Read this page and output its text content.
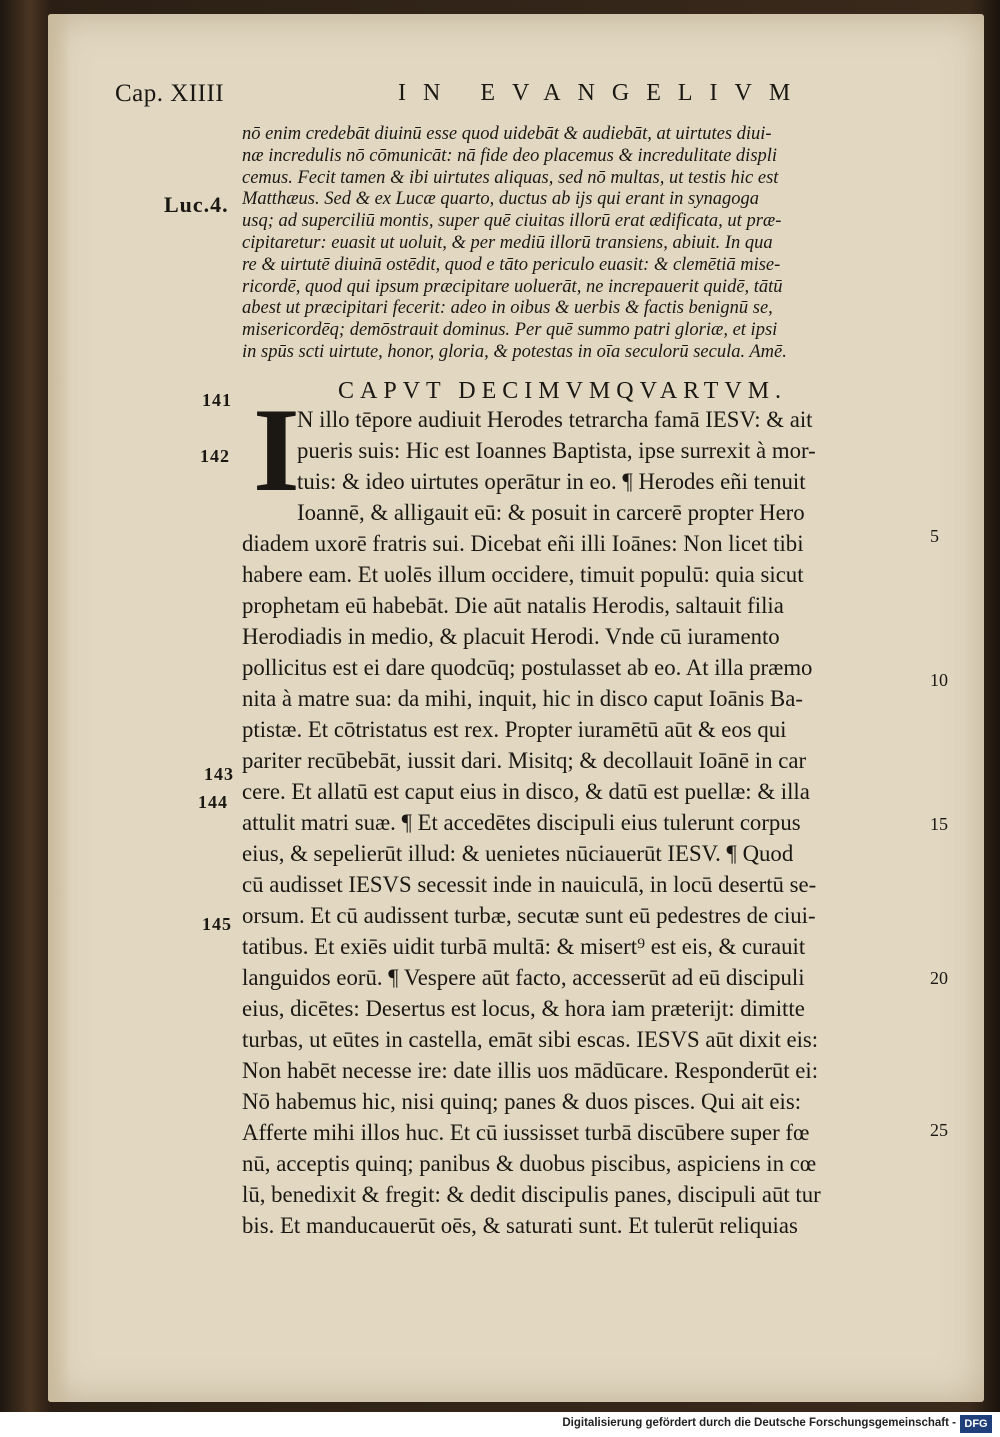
Cap. XIIII	IN EVANGELIVM
Luc.4.
nō enim credebāt diuinū esse quod uidebāt & audiebāt, at uirtutes diui-
næ incredulis nō cōmunicāt: nā fide deo placemus & incredulitate displi
cemus. Fecit tamen & ibi uirtutes aliquas, sed nō multas, ut testis hic est
Matthæus. Sed & ex Lucæ quarto, ductus ab ijs qui erant in synagoga
usq; ad superciliū montis, super quē ciuitas illorū erat ædificata, ut præ-
cipitaretur: euasit ut uoluit, & per mediū illorū transiens, abiuit. In qua
re & uirtutē diuinā ostēdit, quod e tāto periculo euasit: & clemētiā mise-
ricordē, quod qui ipsum præcipitare uoluerāt, ne increpauerit quidē, tātū
abest ut præcipitari fecerit: adeo in oibus & uerbis & factis benignū se,
misericordēq; demōstrauit dominus. Per quē summo patri gloriæ, et ipsi
in spūs scti uirtute, honor, gloria, & potestas in oīa seculorū secula. Amē.
CAPVT DECIMVMQVARTVM.
I
N illo tēpore audiuit Herodes tetrarcha famā IESV: & ait
pueris suis: Hic est Ioannes Baptista, ipse surrexit à mor-
tuis: & ideo uirtutes operātur in eo. ¶ Herodes eñi tenuit
Ioannē, & alligauit eū: & posuit in carcerē propter Hero
diadem uxorē fratris sui. Dicebat eñi illi Ioānes: Non licet tibi
habere eam. Et uolēs illum occidere, timuit populū: quia sicut
prophetam eū habebāt. Die aūt natalis Herodis, saltauit filia
Herodiadis in medio, & placuit Herodi. Vnde cū iuramento
pollicitus est ei dare quodcūq; postulasset ab eo. At illa præmo
nita à matre sua: da mihi, inquit, hic in disco caput Ioānis Ba-
ptistæ. Et cōtristatus est rex. Propter iuramētū aūt & eos qui
pariter recūbebāt, iussit dari. Misitq; & decollauit Ioānē in car
cere. Et allatū est caput eius in disco, & datū est puellæ: & illa
attulit matri suæ. ¶ Et accedētes discipuli eius tulerunt corpus
eius, & sepelierūt illud: & uenietes nūciauerūt IESV. ¶ Quod
cū audisset IESVS secessit inde in nauiculā, in locū desertū se-
orsum. Et cū audissent turbæ, secutæ sunt eū pedestres de ciui-
tatibus. Et exiēs uidit turbā multā: & misert⁹ est eis, & curauit
languidos eorū. ¶ Vespere aūt facto, accesserūt ad eū discipuli
eius, dicētes: Desertus est locus, & hora iam præterijt: dimitte
turbas, ut eūtes in castella, emāt sibi escas. IESVS aūt dixit eis:
Non habēt necesse ire: date illis uos mādūcare. Responderūt ei:
Nō habemus hic, nisi quinq; panes & duos pisces. Qui ait eis:
Afferte mihi illos huc. Et cū iussisset turbā discūbere super fœ
nū, acceptis quinq; panibus & duobus piscibus, aspiciens in cœ
lū, benedixit & fregit: & dedit discipulis panes, discipuli aūt tur
bis. Et manducauerūt oēs, & saturati sunt. Et tulerūt reliquias
141
142
143
144
145
5
10
15
20
25
Digitalisierung gefördert durch die Deutsche Forschungsgemeinschaft - DFG
